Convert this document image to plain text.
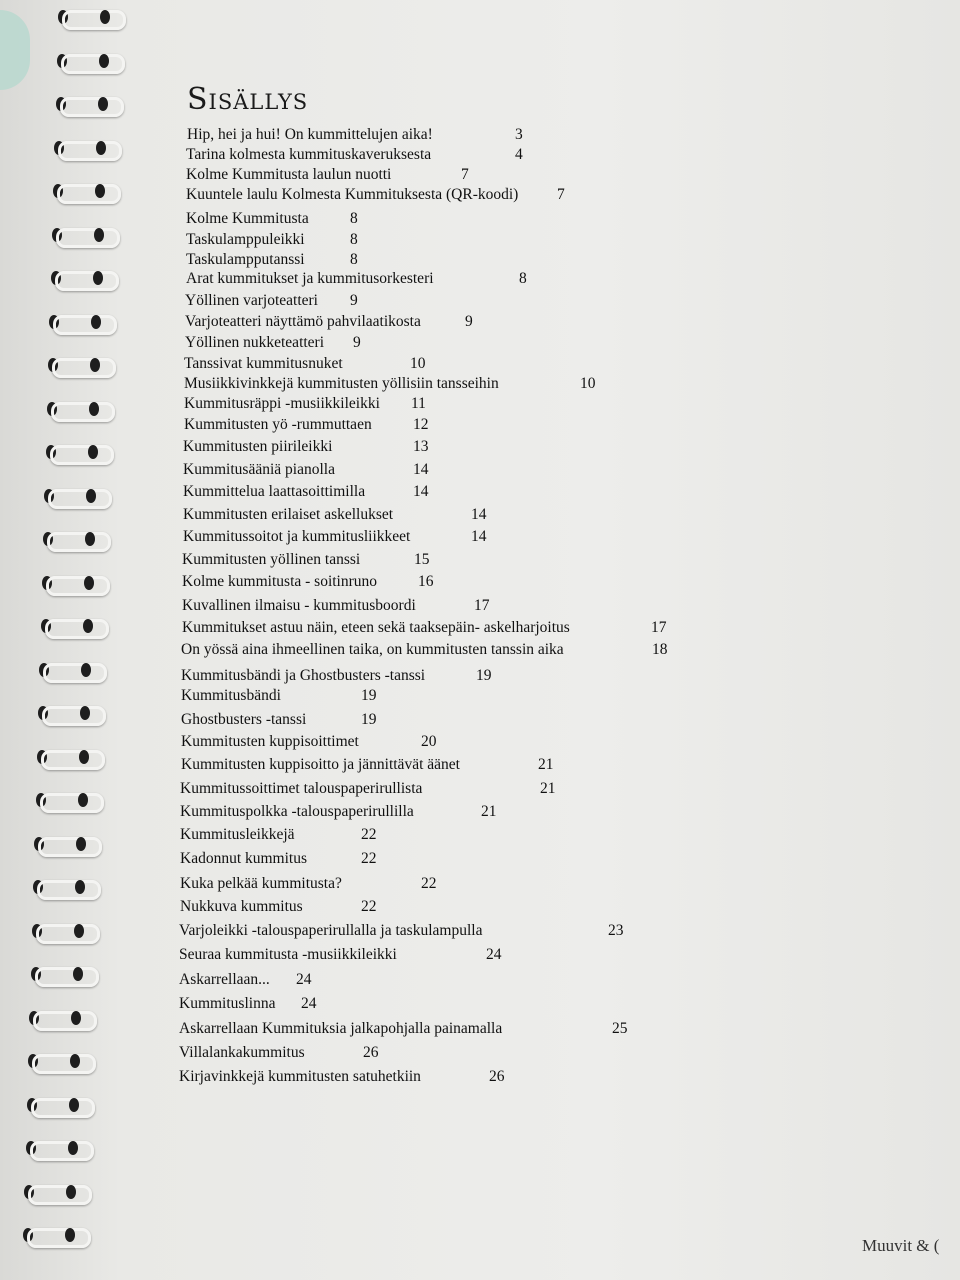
Sisällys
Hip, hei ja hui! On kummittelujen aika!	3
Tarina kolmesta kummituskaveruksesta	4
Kolme Kummitusta laulun nuotti	7
Kuuntele laulu Kolmesta Kummituksesta (QR-koodi) 7
Kolme Kummitusta	8
Taskulamppuleikki	8
Taskulampputanssi	8
Arat kummitukset ja kummitusorkesteri	8
Yöllinen varjoteatteri 9
Varjoteatteri näyttämö pahvilaatikosta	9
Yöllinen nukketeatteri 9
Tanssivat kummitusnuket	10
Musiikkivinkkejä kummitusten yöllisiin tansseihin	10
Kummitusräppi -musiikkileikki 11
Kummitusten yö -rummuttaen	12
Kummitusten piirileikki	13
Kummitusääniä pianolla	14
Kummittelua laattasoittimilla	14
Kummitusten erilaiset askellukset	14
Kummitussoitot ja kummitusliikkeet	14
Kummitusten yöllinen tanssi	15
Kolme kummitusta - soitinruno	16
Kuvallinen ilmaisu - kummitusboordi	17
Kummitukset astuu näin, eteen sekä taaksepäin- askelharjoitus	17
On yössä aina ihmeellinen taika, on kummitusten tanssin aika	18
Kummitusbändi ja Ghostbusters -tanssi	19
Kummitusbändi	19
Ghostbusters -tanssi	19
Kummitusten kuppisoittimet	20
Kummitusten kuppisoitto ja jännittävät äänet	21
Kummitussoittimet talouspaperirullista	21
Kummituspolkka -talouspaperirullilla	21
Kummitusleikkejä	22
Kadonnut kummitus	22
Kuka pelkää kummitusta?	22
Nukkuva kummitus	22
Varjoleikki -talouspaperirullalla ja taskulampulla	23
Seuraa kummitusta -musiikkileikki	24
Askarrellaan... 24
Kummituslinna 24
Askarrellaan Kummituksia jalkapohjalla painamalla	25
Villalankakummitus	26
Kirjavinkkejä kummitusten satuhetkiin	26
Muuvit & (
